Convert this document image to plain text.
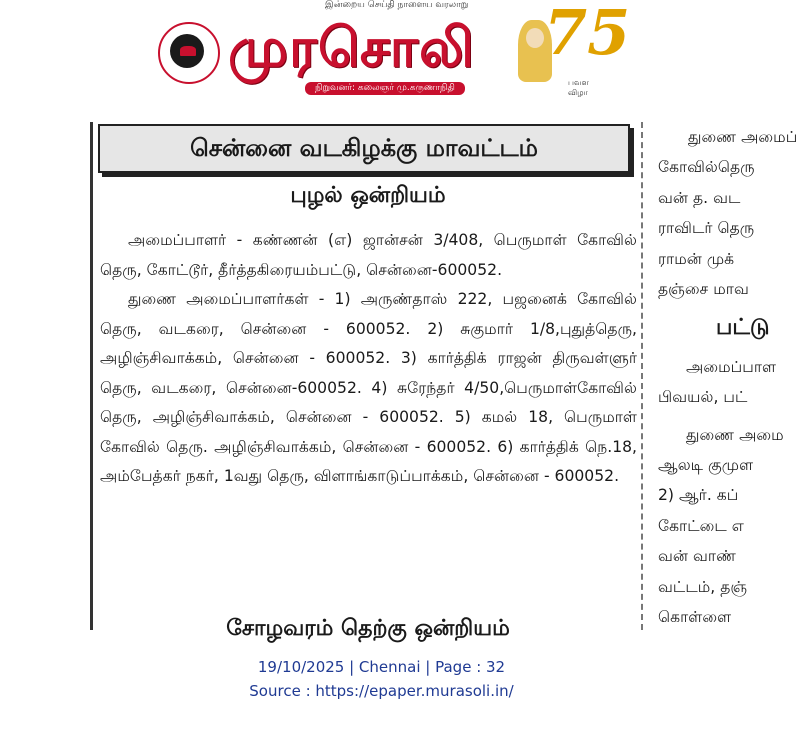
இன்றைய செய்தி நாளைய வரலாறு
முரசொலி
நிறுவனர்: கலைஞர் மு.கருணாநிதி
75
பவள விழா
சென்னை வடகிழக்கு மாவட்டம்
புழல் ஒன்றியம்

அமைப்பாளர் - கண்ணன் (எ) ஜான்சன் 3/408, பெருமாள் கோவில் தெரு, கோட்டூர், தீர்த்தகிரையம்பட்டு, சென்னை-600052.

துணை அமைப்பாளர்கள் - 1) அருண்தாஸ் 222, பஜனைக் கோவில் தெரு, வடகரை, சென்னை - 600052. 2) சுகுமார் 1/8,புதுத்தெரு, அழிஞ்சிவாக்கம், சென்னை - 600052. 3) கார்த்திக் ராஜன் திருவள்ளுர் தெரு, வடகரை, சென்னை-600052. 4) சுரேந்தர் 4/50,பெருமாள்கோவில் தெரு, அழிஞ்சிவாக்கம், சென்னை - 600052. 5) கமல் 18, பெருமாள் கோவில் தெரு. அழிஞ்சிவாக்கம், சென்னை - 600052. 6) கார்த்திக் நெ.18, அம்பேத்கர் நகர், 1வது தெரு, விளாங்காடுப்பாக்கம், சென்னை - 600052.

சோழவரம் தெற்கு ஒன்றியம்
துணை அமைப்
கோவில்தெரு
வன் த. வட
ராவிடர் தெரு
ராமன் முக்
தஞ்சை மாவ
பட்டு
அமைப்பாள
பிவயல், பட்
துணை அமை
ஆலடி குமுள
2) ஆர். கப்
கோட்டை எ
வன் வாண்
வட்டம், தஞ்
கொள்ளை
19/10/2025 | Chennai | Page : 32
Source : https://epaper.murasoli.in/
